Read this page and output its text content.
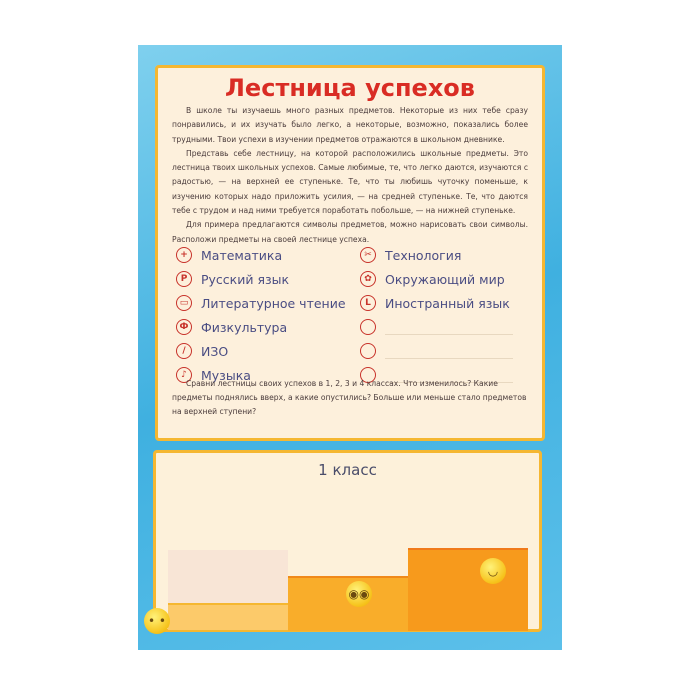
Лестница успехов

В школе ты изучаешь много разных предметов. Некоторые из них тебе сразу понравились, и их изучать было легко, а некоторые, возможно, показались более трудными. Твои успехи в изучении предметов отражаются в школьном дневнике.

Представь себе лестницу, на которой расположились школьные предметы. Это лестница твоих школьных успехов. Самые любимые, те, что легко даются, изучаются с радостью, — на верхней ее ступеньке. Те, что ты любишь чуточку поменьше, к изучению которых надо приложить усилия, — на средней ступеньке. Те, что даются тебе с трудом и над ними требуется поработать побольше, — на нижней ступеньке.

Для примера предлагаются символы предметов, можно нарисовать свои символы. Расположи предметы на своей лестнице успеха.

+	Математика
Р	Русский язык
▭	Литературное чтение
Ф Физкультура
/	ИЗО
♪	Музыка
✂	Технология
✿	Окружающий мир
L	Иностранный язык

Сравни лестницы своих успехов в 1, 2, 3 и 4 классах. Что изменилось? Какие предметы поднялись вверх, а какие опустились? Больше или меньше стало предметов на верхней ступени?

1 класс
• •
◉◉
◡
